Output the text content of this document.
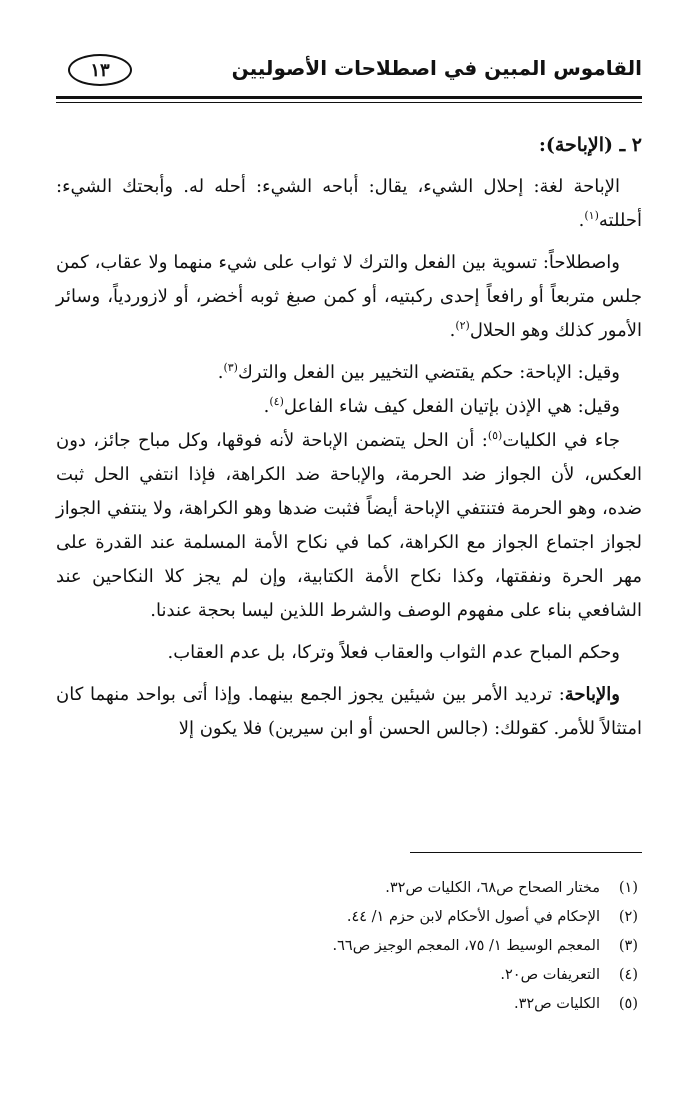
القاموس المبين في اصطلاحات الأصوليين
١٣

٢ ـ (الإباحة):

الإباحة لغة: إحلال الشيء، يقال: أباحه الشيء: أحله له. وأبحتك الشيء: أحللته$^{(١)}$.

واصطلاحاً: تسوية بين الفعل والترك لا ثواب على شيء منهما ولا عقاب، كمن جلس متربعاً أو رافعاً إحدى ركبتيه، أو كمن صبغ ثوبه أخضر، أو لازوردياً، وسائر الأمور كذلك وهو الحلال$^{(٢)}$.

وقيل: الإباحة: حكم يقتضي التخيير بين الفعل والترك$^{(٣)}$.

وقيل: هي الإذن بإتيان الفعل كيف شاء الفاعل$^{(٤)}$.

جاء في الكليات$^{(٥)}$: أن الحل يتضمن الإباحة لأنه فوقها، وكل مباح جائز، دون العكس، لأن الجواز ضد الحرمة، والإباحة ضد الكراهة، فإذا انتفي الحل ثبت ضده، وهو الحرمة فتنتفي الإباحة أيضاً فثبت ضدها وهو الكراهة، ولا ينتفي الجواز لجواز اجتماع الجواز مع الكراهة، كما في نكاح الأمة المسلمة عند القدرة على مهر الحرة ونفقتها، وكذا نكاح الأمة الكتابية، وإن لم يجز كلا النكاحين عند الشافعي بناء على مفهوم الوصف والشرط اللذين ليسا بحجة عندنا.

وحكم المباح عدم الثواب والعقاب فعلاً وتركا، بل عدم العقاب.

والإباحة: ترديد الأمر بين شيئين يجوز الجمع بينهما. وإذا أتى بواحد منهما كان امتثالاً للأمر. كقولك: (جالس الحسن أو ابن سيرين) فلا يكون إلا

(١)
مختار الصحاح ص٦٨، الكليات ص٣٢.
(٢)
الإحكام في أصول الأحكام لابن حزم ١/ ٤٤.
(٣)
المعجم الوسيط ١/ ٧٥، المعجم الوجيز ص٦٦.
(٤)
التعريفات ص٢٠.
(٥)
الكليات ص٣٢.
